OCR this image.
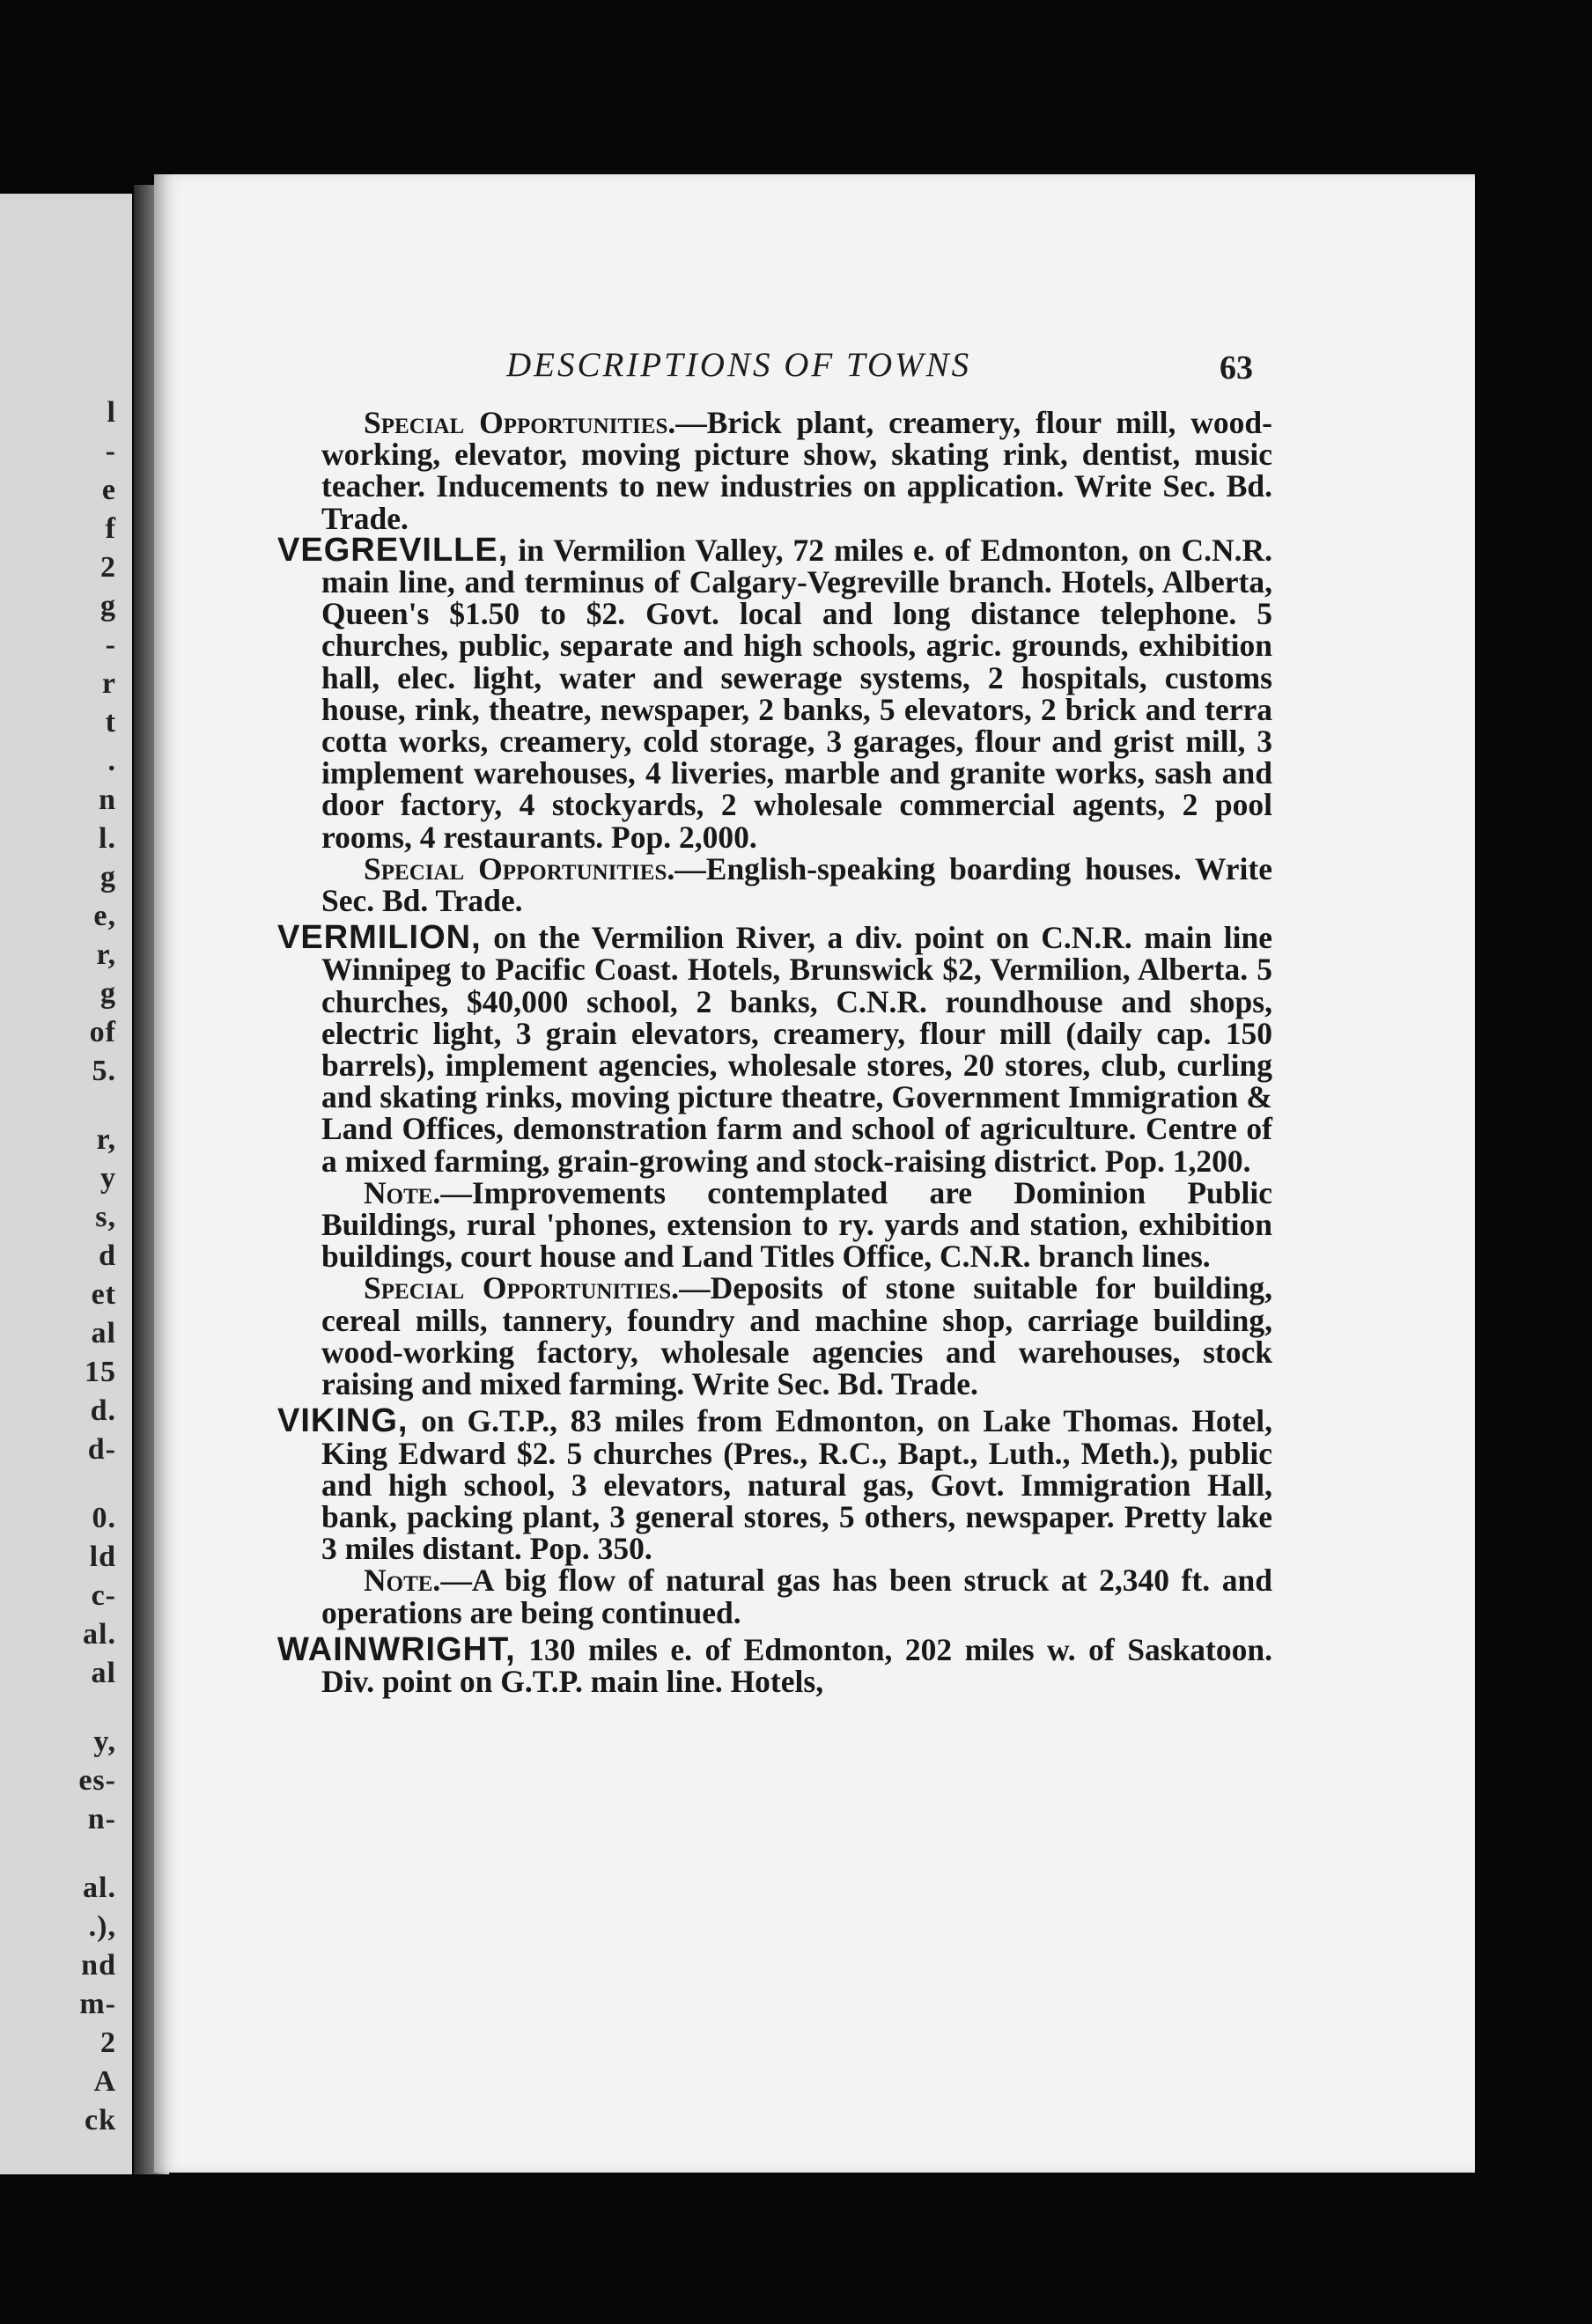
l
-
e
f
2
g
-
r
t
.
n
l.
g
e,
r,
g
of
5.
r,
y
s,
d
et
al
15
d.
d-
0.
ld
c-
al.
al
y,
es-
n-
al.
.),
nd
m-
2
A
ck
DESCRIPTIONS OF TOWNS	63

Special Opportunities.—Brick plant, creamery, flour mill, wood-working, elevator, moving picture show, skating rink, dentist, music teacher. Inducements to new industries on application. Write Sec. Bd. Trade.

VEGREVILLE, in Vermilion Valley, 72 miles e. of Edmonton, on C.N.R. main line, and terminus of Calgary-Vegreville branch. Hotels, Alberta, Queen's $1.50 to $2. Govt. local and long distance telephone. 5 churches, public, separate and high schools, agric. grounds, exhibition hall, elec. light, water and sewerage systems, 2 hospitals, customs house, rink, theatre, newspaper, 2 banks, 5 elevators, 2 brick and terra cotta works, creamery, cold storage, 3 garages, flour and grist mill, 3 implement warehouses, 4 liveries, marble and granite works, sash and door factory, 4 stockyards, 2 wholesale commercial agents, 2 pool rooms, 4 restaurants. Pop. 2,000.

Special Opportunities.—English-speaking boarding houses. Write Sec. Bd. Trade.

VERMILION, on the Vermilion River, a div. point on C.N.R. main line Winnipeg to Pacific Coast. Hotels, Brunswick $2, Vermilion, Alberta. 5 churches, $40,000 school, 2 banks, C.N.R. roundhouse and shops, electric light, 3 grain elevators, creamery, flour mill (daily cap. 150 barrels), implement agencies, wholesale stores, 20 stores, club, curling and skating rinks, moving picture theatre, Government Immigration & Land Offices, demonstration farm and school of agriculture. Centre of a mixed farming, grain-growing and stock-raising district. Pop. 1,200.

Note.—Improvements contemplated are Dominion Public Buildings, rural 'phones, extension to ry. yards and station, exhibition buildings, court house and Land Titles Office, C.N.R. branch lines.

Special Opportunities.—Deposits of stone suitable for building, cereal mills, tannery, foundry and machine shop, carriage building, wood-working factory, wholesale agencies and warehouses, stock raising and mixed farming. Write Sec. Bd. Trade.

VIKING, on G.T.P., 83 miles from Edmonton, on Lake Thomas. Hotel, King Edward $2. 5 churches (Pres., R.C., Bapt., Luth., Meth.), public and high school, 3 elevators, natural gas, Govt. Immigration Hall, bank, packing plant, 3 general stores, 5 others, newspaper. Pretty lake 3 miles distant. Pop. 350.

Note.—A big flow of natural gas has been struck at 2,340 ft. and operations are being continued.

WAINWRIGHT, 130 miles e. of Edmonton, 202 miles w. of Saskatoon. Div. point on G.T.P. main line. Hotels,
